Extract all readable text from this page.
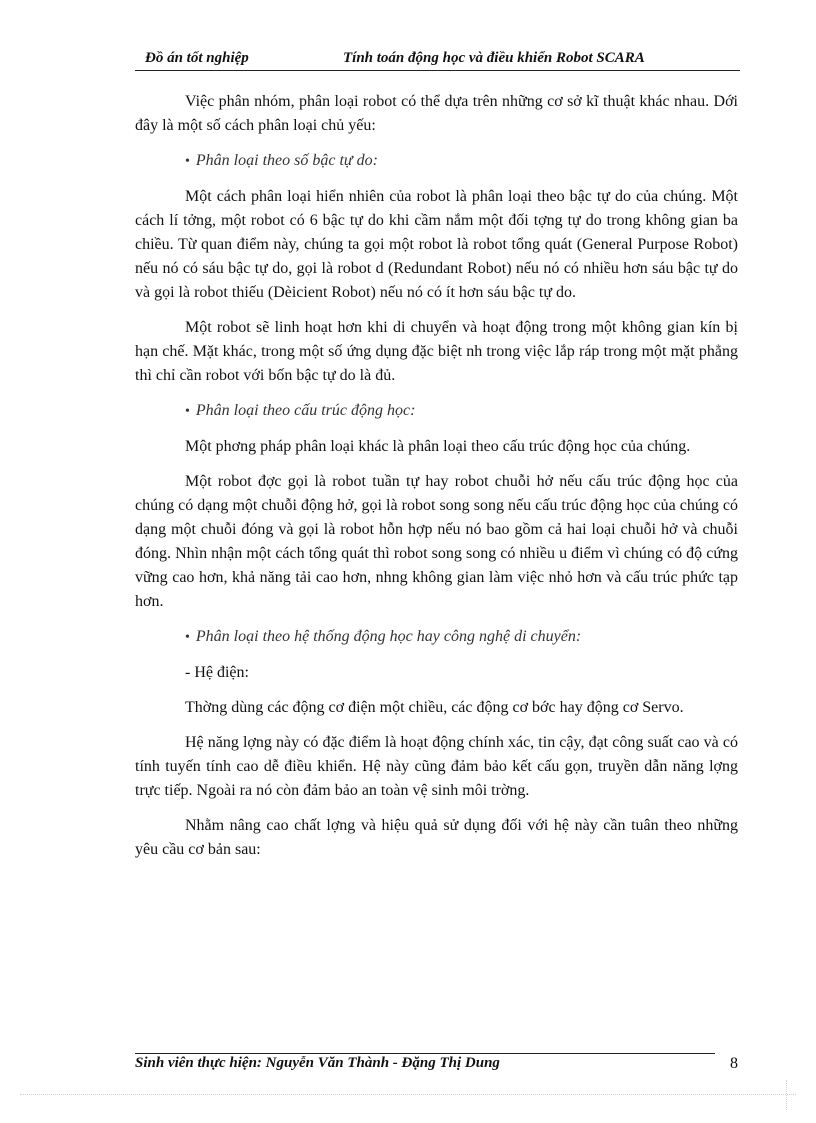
Đồ án tốt nghiệp	Tính toán động học và điều khiển Robot SCARA

Việc phân nhóm, phân loại robot có thể dựa trên những cơ sở kĩ thuật khác nhau. Dới đây là một số cách phân loại chủ yếu:

• Phân loại theo số bậc tự do:

Một cách phân loại hiển nhiên của robot là phân loại theo bậc tự do của chúng. Một cách lí tởng, một robot có 6 bậc tự do khi cầm nắm một đối tợng tự do trong không gian ba chiều. Từ quan điểm này, chúng ta gọi một robot là robot tổng quát (General Purpose Robot) nếu nó có sáu bậc tự do, gọi là robot d (Redundant Robot) nếu nó có nhiều hơn sáu bậc tự do và gọi là robot thiếu (Dèicient Robot) nếu nó có ít hơn sáu bậc tự do.

Một robot sẽ linh hoạt hơn khi di chuyển và hoạt động trong một không gian kín bị hạn chế. Mặt khác, trong một số ứng dụng đặc biệt nh trong việc lắp ráp trong một mặt phẳng thì chỉ cần robot với bốn bậc tự do là đủ.

• Phân loại theo cấu trúc động học:

Một phơng pháp phân loại khác là phân loại theo cấu trúc động học của chúng.

Một robot đợc gọi là robot tuần tự hay robot chuỗi hở nếu cấu trúc động học của chúng có dạng một chuỗi động hở, gọi là robot song song nếu cấu trúc động học của chúng có dạng một chuỗi đóng và gọi là robot hỗn hợp nếu nó bao gồm cả hai loại chuỗi hở và chuỗi đóng. Nhìn nhận một cách tổng quát thì robot song song có nhiều u điểm vì chúng có độ cứng vững cao hơn, khả năng tải cao hơn, nhng không gian làm việc nhỏ hơn và cấu trúc phức tạp hơn.

• Phân loại theo hệ thống động học hay công nghệ di chuyển:
- Hệ điện:

Thờng dùng các động cơ điện một chiều, các động cơ bớc hay động cơ Servo.

Hệ năng lợng này có đặc điểm là hoạt động chính xác, tin cậy, đạt công suất cao và có tính tuyến tính cao dễ điều khiển. Hệ này cũng đảm bảo kết cấu gọn, truyền dẫn năng lợng trực tiếp. Ngoài ra nó còn đảm bảo an toàn vệ sinh môi trờng.

Nhằm nâng cao chất lợng và hiệu quả sử dụng đối với hệ này cần tuân theo những yêu cầu cơ bản sau:

Sinh viên thực hiện: Nguyễn Văn Thành - Đặng Thị Dung	8
